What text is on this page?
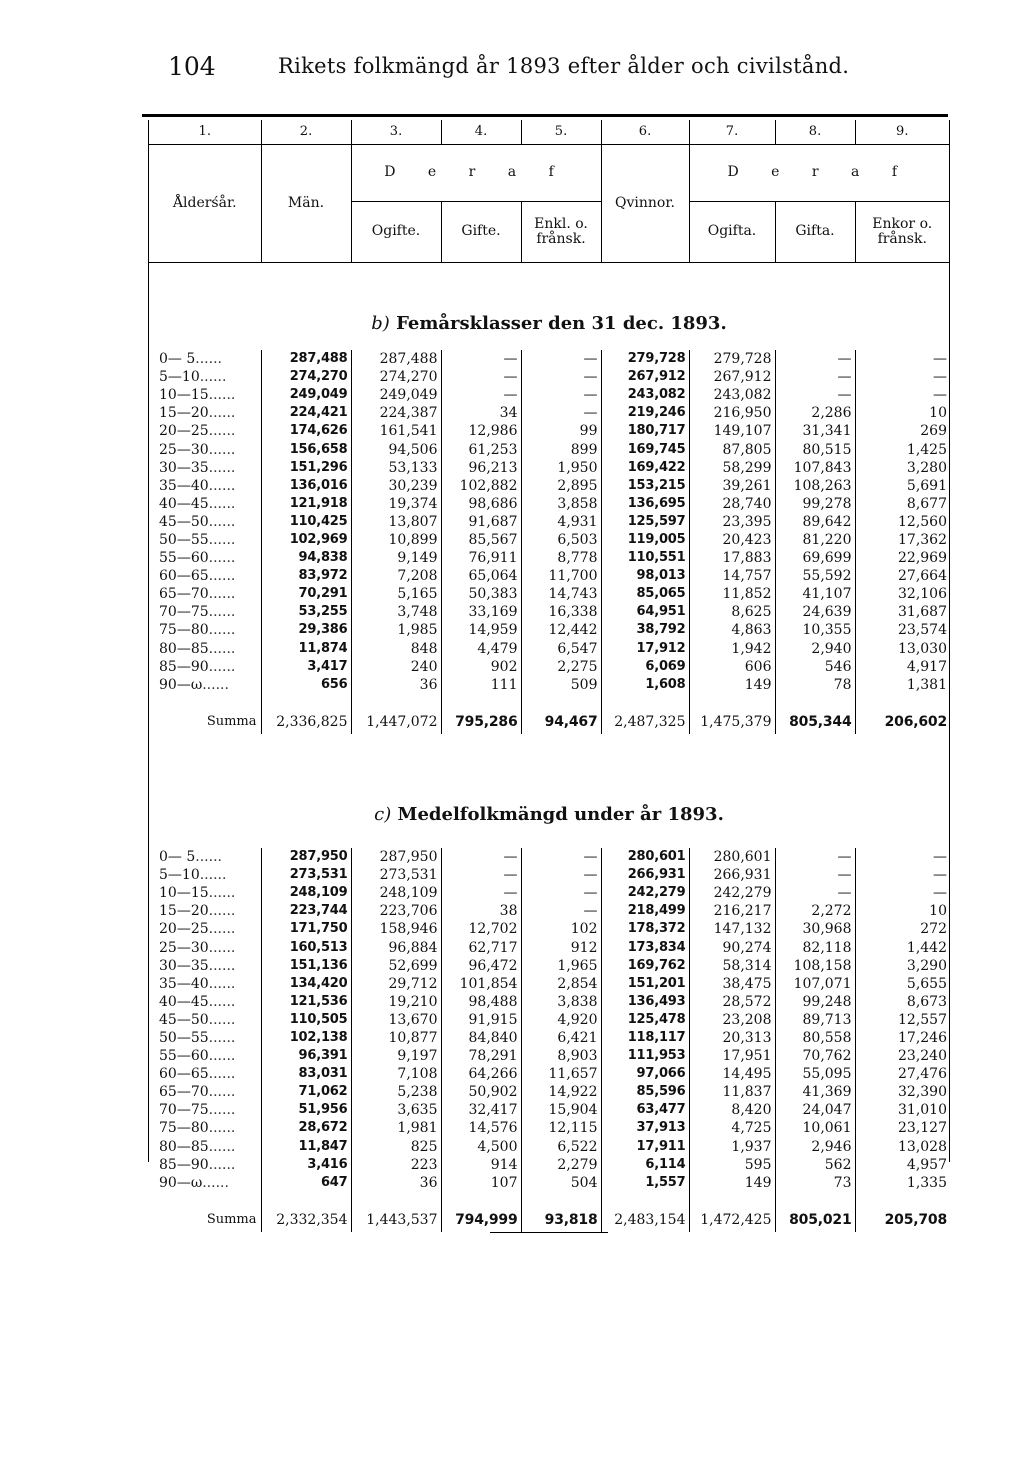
104	Rikets folkmängd år 1893 efter ålder och civilstånd.
1.	2.	3.	4.	5.	6.	7.	8.	9.
Ålderśår.	Män.	D e r a f			Qvinnor.	D e r a f		
		Ogifte.	Gifte.	Enkl. o. frånsk.		Ogifta.	Gifta.	Enkor o. frånsk.
b) Femårsklasser den 31 dec. 1893.
0— 5......	287,488	287,488	—	—	279,728	279,728	—	—
5—10......	274,270	274,270	—	—	267,912	267,912	—	—
10—15......	249,049	249,049	—	—	243,082	243,082	—	—
15—20......	224,421	224,387	34	—	219,246	216,950	2,286	10
20—25......	174,626	161,541	12,986	99	180,717	149,107	31,341	269
25—30......	156,658	94,506	61,253	899	169,745	87,805	80,515	1,425
30—35......	151,296	53,133	96,213	1,950	169,422	58,299	107,843	3,280
35—40......	136,016	30,239	102,882	2,895	153,215	39,261	108,263	5,691
40—45......	121,918	19,374	98,686	3,858	136,695	28,740	99,278	8,677
45—50......	110,425	13,807	91,687	4,931	125,597	23,395	89,642	12,560
50—55......	102,969	10,899	85,567	6,503	119,005	20,423	81,220	17,362
55—60......	94,838	9,149	76,911	8,778	110,551	17,883	69,699	22,969
60—65......	83,972	7,208	65,064	11,700	98,013	14,757	55,592	27,664
65—70......	70,291	5,165	50,383	14,743	85,065	11,852	41,107	32,106
70—75......	53,255	3,748	33,169	16,338	64,951	8,625	24,639	31,687
75—80......	29,386	1,985	14,959	12,442	38,792	4,863	10,355	23,574
80—85......	11,874	848	4,479	6,547	17,912	1,942	2,940	13,030
85—90......	3,417	240	902	2,275	6,069	606	546	4,917
90—ω......	656	36	111	509	1,608	149	78	1,381

Summa	2,336,825	1,447,072	795,286	94,467	2,487,325	1,475,379	805,344	206,602
c) Medelfolkmängd under år 1893.
0— 5......	287,950	287,950	—	—	280,601	280,601	—	—
5—10......	273,531	273,531	—	—	266,931	266,931	—	—
10—15......	248,109	248,109	—	—	242,279	242,279	—	—
15—20......	223,744	223,706	38	—	218,499	216,217	2,272	10
20—25......	171,750	158,946	12,702	102	178,372	147,132	30,968	272
25—30......	160,513	96,884	62,717	912	173,834	90,274	82,118	1,442
30—35......	151,136	52,699	96,472	1,965	169,762	58,314	108,158	3,290
35—40......	134,420	29,712	101,854	2,854	151,201	38,475	107,071	5,655
40—45......	121,536	19,210	98,488	3,838	136,493	28,572	99,248	8,673
45—50......	110,505	13,670	91,915	4,920	125,478	23,208	89,713	12,557
50—55......	102,138	10,877	84,840	6,421	118,117	20,313	80,558	17,246
55—60......	96,391	9,197	78,291	8,903	111,953	17,951	70,762	23,240
60—65......	83,031	7,108	64,266	11,657	97,066	14,495	55,095	27,476
65—70......	71,062	5,238	50,902	14,922	85,596	11,837	41,369	32,390
70—75......	51,956	3,635	32,417	15,904	63,477	8,420	24,047	31,010
75—80......	28,672	1,981	14,576	12,115	37,913	4,725	10,061	23,127
80—85......	11,847	825	4,500	6,522	17,911	1,937	2,946	13,028
85—90......	3,416	223	914	2,279	6,114	595	562	4,957
90—ω......	647	36	107	504	1,557	149	73	1,335

Summa	2,332,354	1,443,537	794,999	93,818	2,483,154	1,472,425	805,021	205,708
